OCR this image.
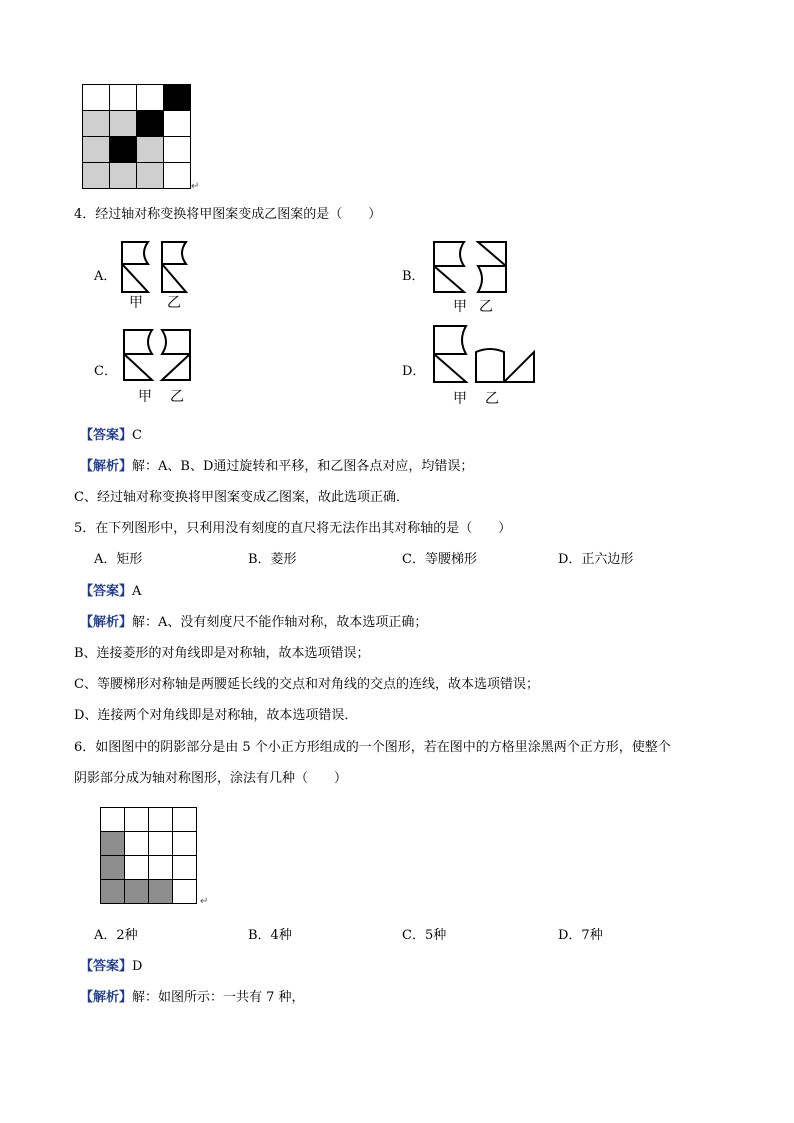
↵
4．经过轴对称变换将甲图案变成乙图案的是（　　）
A．
甲 乙
B．
甲 乙
C．
甲 乙
D．
甲 乙
【答案】C
【解析】解：A、B、D通过旋转和平移，和乙图各点对应，均错误；
C、经过轴对称变换将甲图案变成乙图案，故此选项正确．
5．在下列图形中，只利用没有刻度的直尺将无法作出其对称轴的是（　　）
A．矩形	B．菱形	C．等腰梯形	D．正六边形
【答案】A
【解析】解：A、没有刻度尺不能作轴对称，故本选项正确；
B、连接菱形的对角线即是对称轴，故本选项错误；
C、等腰梯形对称轴是两腰延长线的交点和对角线的交点的连线，故本选项错误；
D、连接两个对角线即是对称轴，故本选项错误．
6．如图图中的阴影部分是由 5 个小正方形组成的一个图形，若在图中的方格里涂黑两个正方形，使整个
阴影部分成为轴对称图形，涂法有几种（　　）

↵
A．2种	B．4种	C．5种	D．7种
【答案】D
【解析】解：如图所示：一共有 7 种，
